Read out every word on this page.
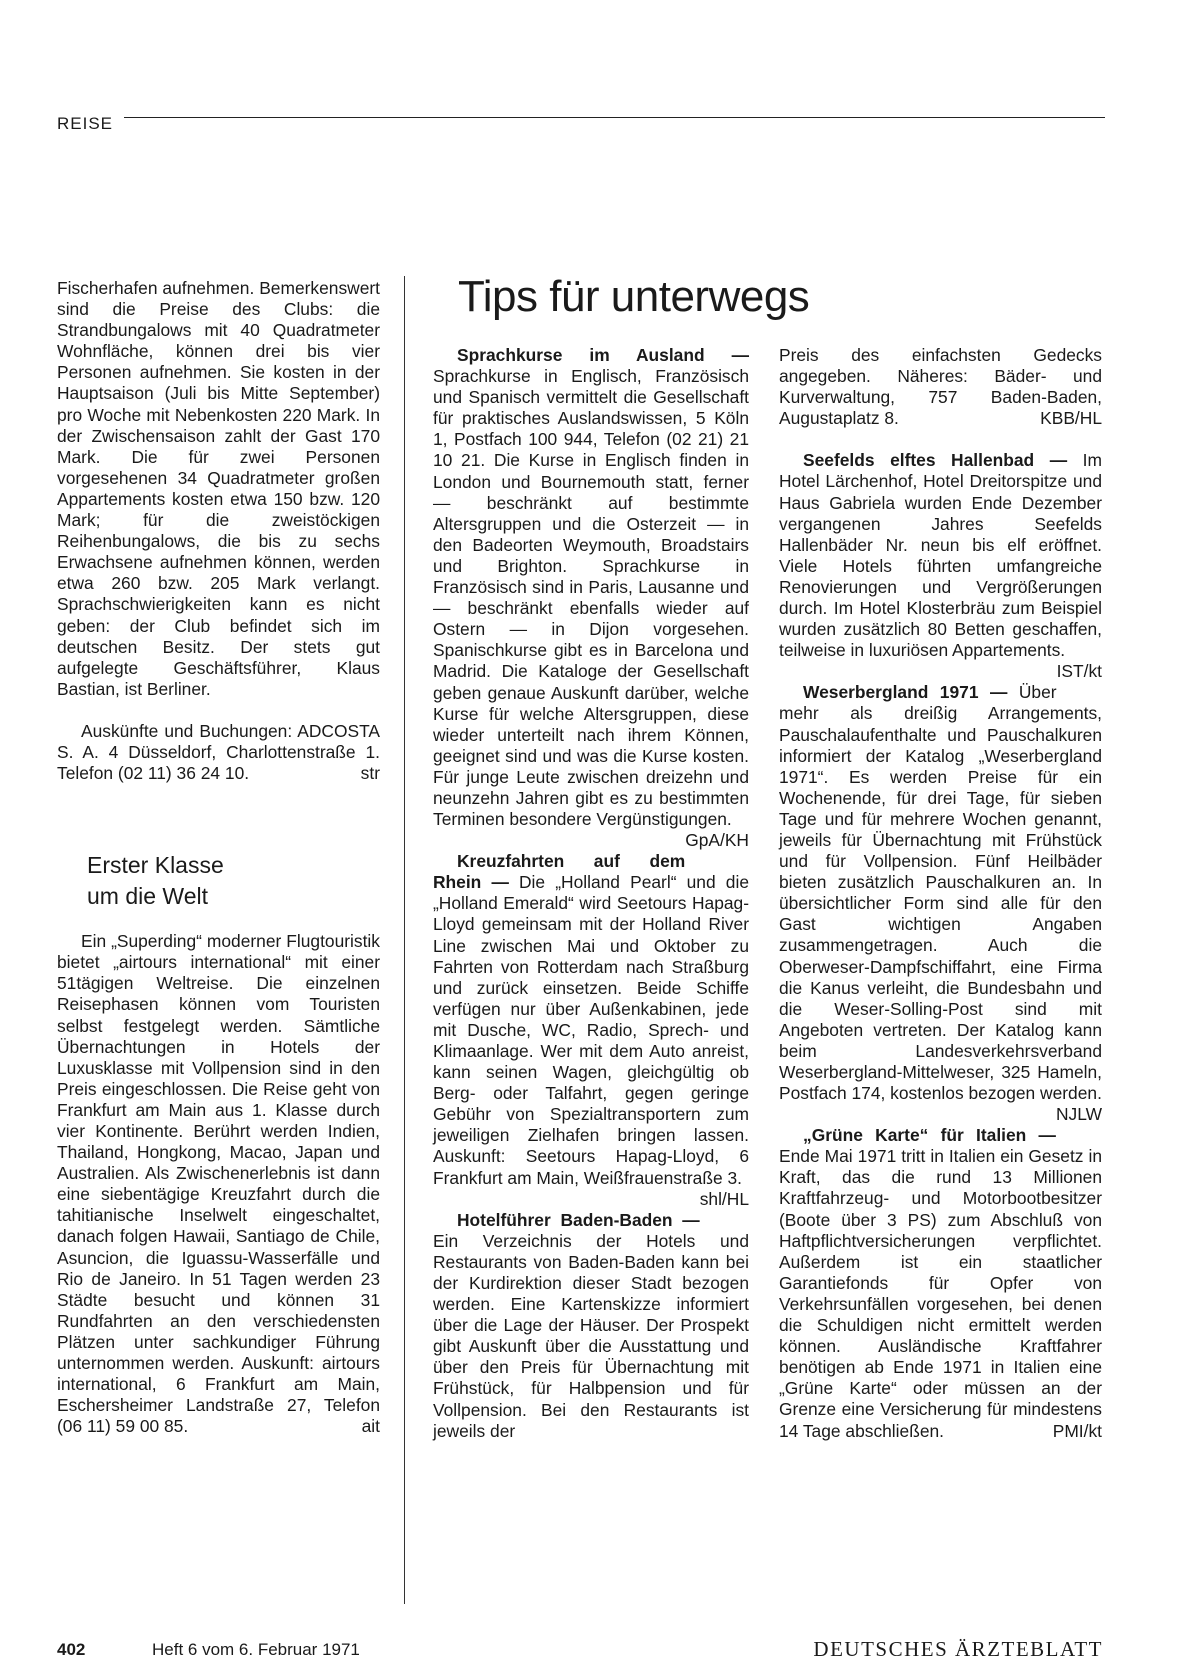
REISE

Fischerhafen aufnehmen. Bemerkenswert sind die Preise des Clubs: die Strandbungalows mit 40 Quadratmeter Wohnfläche, können drei bis vier Personen aufnehmen. Sie kosten in der Hauptsaison (Juli bis Mitte September) pro Woche mit Nebenkosten 220 Mark. In der Zwischensaison zahlt der Gast 170 Mark. Die für zwei Personen vorgesehenen 34 Quadratmeter großen Appartements kosten etwa 150 bzw. 120 Mark; für die zweistöckigen Reihenbungalows, die bis zu sechs Erwachsene aufnehmen können, werden etwa 260 bzw. 205 Mark verlangt. Sprachschwierigkeiten kann es nicht geben: der Club befindet sich im deutschen Besitz. Der stets gut aufgelegte Geschäftsführer, Klaus Bastian, ist Berliner.

Auskünfte und Buchungen: ADCOSTA S. A. 4 Düsseldorf, Charlottenstraße 1. Telefon (02 11) 36 24 10.	str

Erster Klasse
um die Welt

Ein „Superding“ moderner Flugtouristik bietet „airtours international“ mit einer 51tägigen Weltreise. Die einzelnen Reisephasen können vom Touristen selbst festgelegt werden. Sämtliche Übernachtungen in Hotels der Luxusklasse mit Vollpension sind in den Preis eingeschlossen. Die Reise geht von Frankfurt am Main aus 1. Klasse durch vier Kontinente. Berührt werden Indien, Thailand, Hongkong, Macao, Japan und Australien. Als Zwischenerlebnis ist dann eine siebentägige Kreuzfahrt durch die tahitianische Inselwelt eingeschaltet, danach folgen Hawaii, Santiago de Chile, Asuncion, die Iguassu-Wasserfälle und Rio de Janeiro. In 51 Tagen werden 23 Städte besucht und können 31 Rundfahrten an den verschiedensten Plätzen unter sachkundiger Führung unternommen werden. Auskunft: airtours international, 6 Frankfurt am Main, Eschersheimer Landstraße 27, Telefon (06 11) 59 00 85.	ait

Tips für unterwegs

Sprachkurse im Ausland — Sprachkurse in Englisch, Französisch und Spanisch vermittelt die Gesellschaft für praktisches Auslandswissen, 5 Köln 1, Postfach 100 944, Telefon (02 21) 21 10 21. Die Kurse in Englisch finden in London und Bournemouth statt, ferner — beschränkt auf bestimmte Altersgruppen und die Osterzeit — in den Badeorten Weymouth, Broadstairs und Brighton. Sprachkurse in Französisch sind in Paris, Lausanne und — beschränkt ebenfalls wieder auf Ostern — in Dijon vorgesehen. Spanischkurse gibt es in Barcelona und Madrid. Die Kataloge der Gesellschaft geben genaue Auskunft darüber, welche Kurse für welche Altersgruppen, diese wieder unterteilt nach ihrem Können, geeignet sind und was die Kurse kosten. Für junge Leute zwischen dreizehn und neunzehn Jahren gibt es zu bestimmten Terminen besondere Vergünstigungen.
GpA/KH

Kreuzfahrten auf dem Rhein — Die „Holland Pearl“ und die „Holland Emerald“ wird Seetours Hapag-Lloyd gemeinsam mit der Holland River Line zwischen Mai und Oktober zu Fahrten von Rotterdam nach Straßburg und zurück einsetzen. Beide Schiffe verfügen nur über Außenkabinen, jede mit Dusche, WC, Radio, Sprech- und Klimaanlage. Wer mit dem Auto anreist, kann seinen Wagen, gleichgültig ob Berg- oder Talfahrt, gegen geringe Gebühr von Spezialtransportern zum jeweiligen Zielhafen bringen lassen. Auskunft: Seetours Hapag-Lloyd, 6 Frankfurt am Main, Weißfrauenstraße 3.
shl/HL

Hotelführer Baden-Baden — Ein Verzeichnis der Hotels und Restaurants von Baden-Baden kann bei der Kurdirektion dieser Stadt bezogen werden. Eine Kartenskizze informiert über die Lage der Häuser. Der Prospekt gibt Auskunft über die Ausstattung und über den Preis für Übernachtung mit Frühstück, für Halbpension und für Vollpension. Bei den Restaurants ist jeweils der

Preis des einfachsten Gedecks angegeben. Näheres: Bäder- und Kurverwaltung, 757 Baden-Baden, Augustaplatz 8.	KBB/HL

Seefelds elftes Hallenbad — Im Hotel Lärchenhof, Hotel Dreitorspitze und Haus Gabriela wurden Ende Dezember vergangenen Jahres Seefelds Hallenbäder Nr. neun bis elf eröffnet. Viele Hotels führten umfangreiche Renovierungen und Vergrößerungen durch. Im Hotel Klosterbräu zum Beispiel wurden zusätzlich 80 Betten geschaffen, teilweise in luxuriösen Appartements.
IST/kt

Weserbergland 1971 — Über mehr als dreißig Arrangements, Pauschalaufenthalte und Pauschalkuren informiert der Katalog „Weserbergland 1971“. Es werden Preise für ein Wochenende, für drei Tage, für sieben Tage und für mehrere Wochen genannt, jeweils für Übernachtung mit Frühstück und für Vollpension. Fünf Heilbäder bieten zusätzlich Pauschalkuren an. In übersichtlicher Form sind alle für den Gast wichtigen Angaben zusammengetragen. Auch die Oberweser-Dampfschiffahrt, eine Firma die Kanus verleiht, die Bundesbahn und die Weser-Solling-Post sind mit Angeboten vertreten. Der Katalog kann beim Landesverkehrsverband Weserbergland-Mittelweser, 325 Hameln, Postfach 174, kostenlos bezogen werden.
NJLW

„Grüne Karte“ für Italien — Ende Mai 1971 tritt in Italien ein Gesetz in Kraft, das die rund 13 Millionen Kraftfahrzeug- und Motorbootbesitzer (Boote über 3 PS) zum Abschluß von Haftpflichtversicherungen verpflichtet. Außerdem ist ein staatlicher Garantiefonds für Opfer von Verkehrsunfällen vorgesehen, bei denen die Schuldigen nicht ermittelt werden können. Ausländische Kraftfahrer benötigen ab Ende 1971 in Italien eine „Grüne Karte“ oder müssen an der Grenze eine Versicherung für mindestens 14 Tage abschließen.	PMI/kt

402	Heft 6 vom 6. Februar 1971	DEUTSCHES ÄRZTEBLATT
